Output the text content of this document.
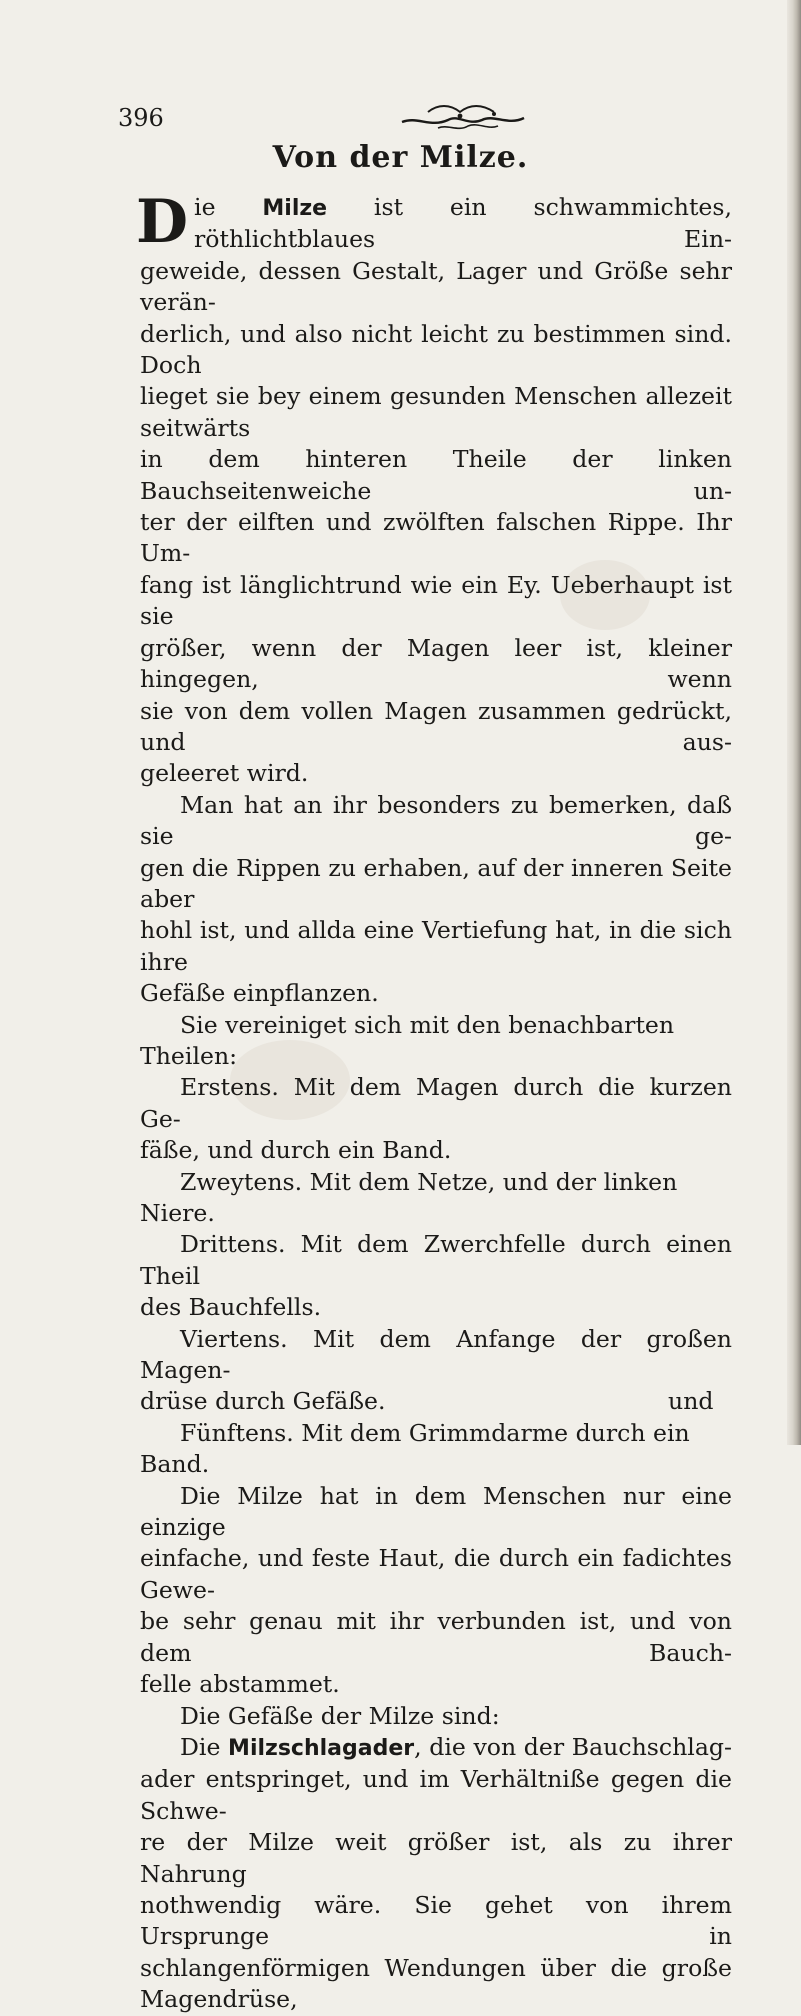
396
Von der Milze.

Die Milze ist ein schwammichtes, röthlichtblaues Ein-

geweide, dessen Gestalt, Lager und Größe sehr verän-

derlich, und also nicht leicht zu bestimmen sind. Doch

lieget sie bey einem gesunden Menschen allezeit seitwärts

in dem hinteren Theile der linken Bauchseitenweiche un-

ter der eilften und zwölften falschen Rippe. Ihr Um-

fang ist länglichtrund wie ein Ey. Ueberhaupt ist sie

größer, wenn der Magen leer ist, kleiner hingegen, wenn

sie von dem vollen Magen zusammen gedrückt, und aus-

geleeret wird.

Man hat an ihr besonders zu bemerken, daß sie ge-

gen die Rippen zu erhaben, auf der inneren Seite aber

hohl ist, und allda eine Vertiefung hat, in die sich ihre

Gefäße einpflanzen.

Sie vereiniget sich mit den benachbarten Theilen:

Erstens. Mit dem Magen durch die kurzen Ge-

fäße, und durch ein Band.

Zweytens. Mit dem Netze, und der linken Niere.

Drittens. Mit dem Zwerchfelle durch einen Theil

des Bauchfells.

Viertens. Mit dem Anfange der großen Magen-

drüse durch Gefäße.

Fünftens. Mit dem Grimmdarme durch ein Band.

Die Milze hat in dem Menschen nur eine einzige

einfache, und feste Haut, die durch ein fadichtes Gewe-

be sehr genau mit ihr verbunden ist, und von dem Bauch-

felle abstammet.

Die Gefäße der Milze sind:

Die Milzschlagader, die von der Bauchschlag-

ader entspringet, und im Verhältniße gegen die Schwe-

re der Milze weit größer ist, als zu ihrer Nahrung

nothwendig wäre. Sie gehet von ihrem Ursprunge in

schlangenförmigen Wendungen über die große Magendrüse,

und
